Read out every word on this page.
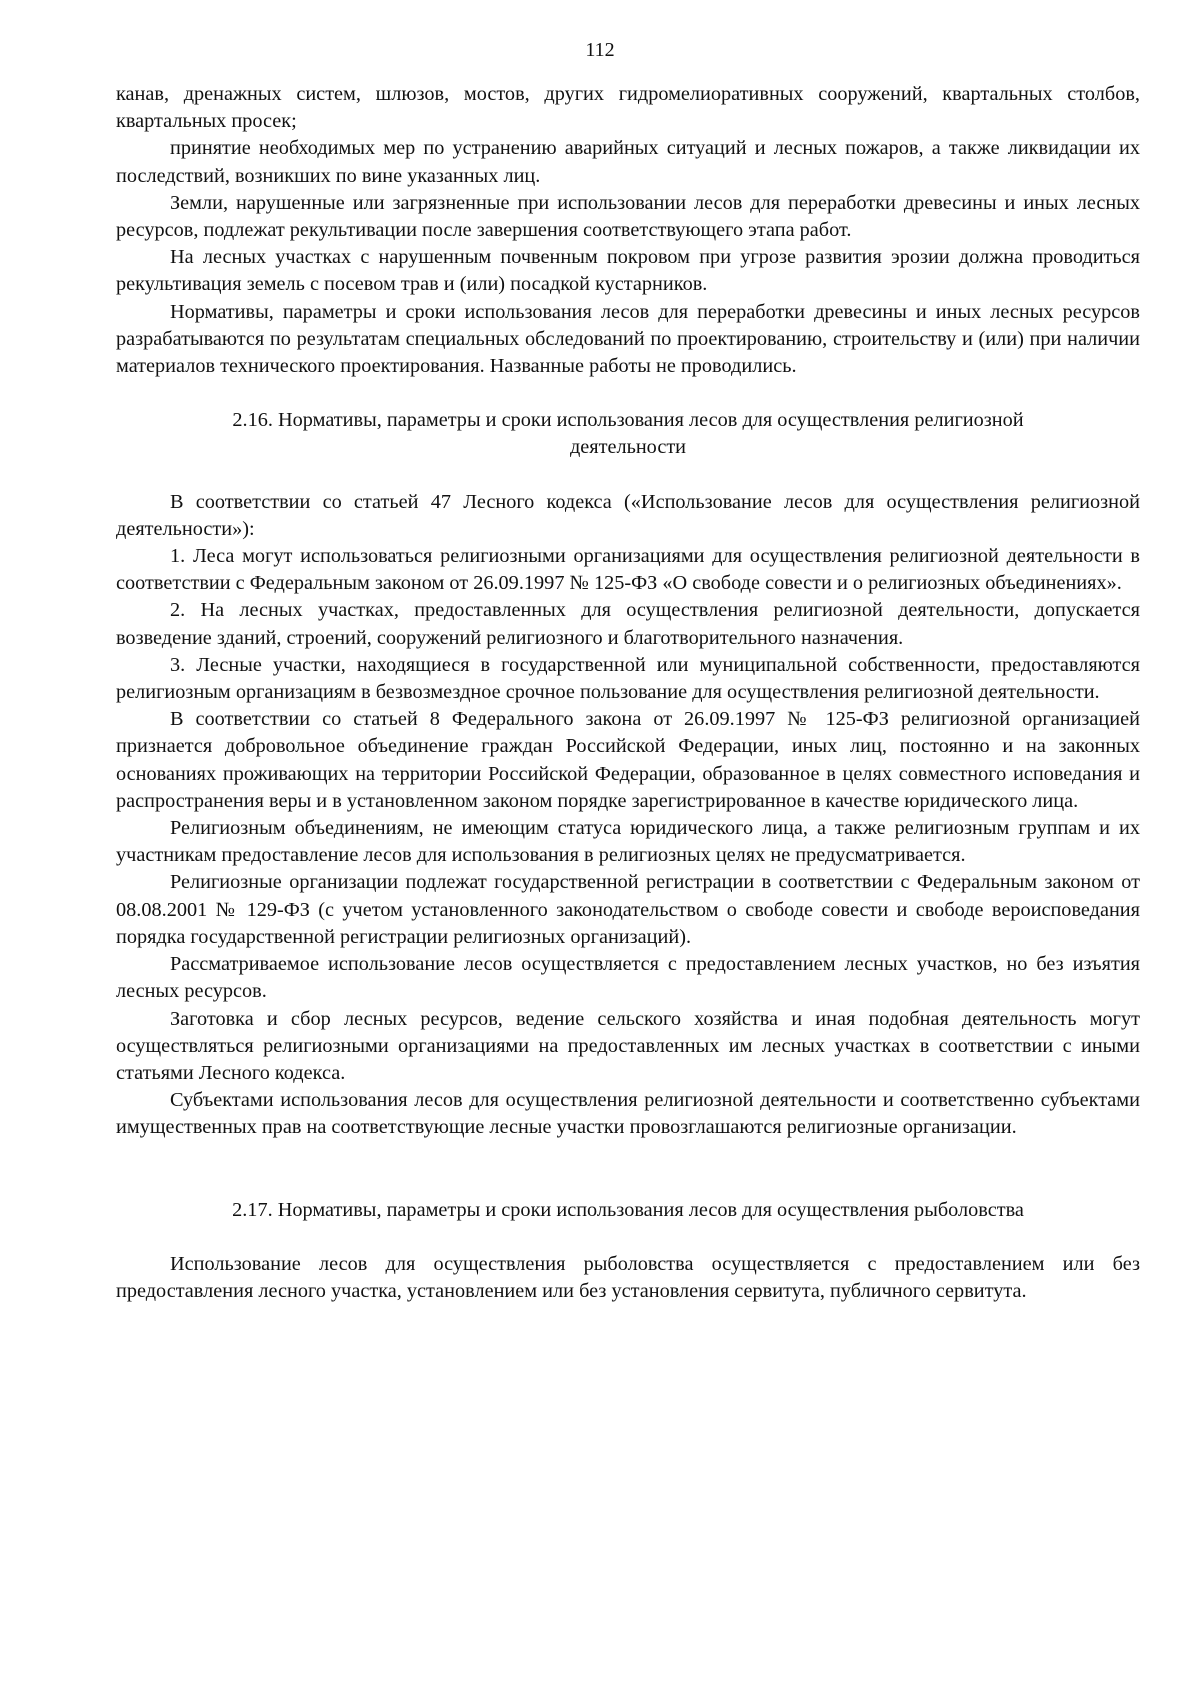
112

канав, дренажных систем, шлюзов, мостов, других гидромелиоративных сооружений, квартальных столбов, квартальных просек;

принятие необходимых мер по устранению аварийных ситуаций и лесных пожаров, а также ликвидации их последствий, возникших по вине указанных лиц.

Земли, нарушенные или загрязненные при использовании лесов для переработки древесины и иных лесных ресурсов, подлежат рекультивации после завершения соответствующего этапа работ.

На лесных участках с нарушенным почвенным покровом при угрозе развития эрозии должна проводиться рекультивация земель с посевом трав и (или) посадкой кустарников.

Нормативы, параметры и сроки использования лесов для переработки древесины и иных лесных ресурсов разрабатываются по результатам специальных обследований по проектированию, строительству и (или) при наличии материалов технического проектирования. Названные работы не проводились.

2.16. Нормативы, параметры и сроки использования лесов для осуществления религиозной
деятельности

В соответствии со статьей 47 Лесного кодекса («Использование лесов для осуществления религиозной деятельности»):

1. Леса могут использоваться религиозными организациями для осуществления религиозной деятельности в соответствии с Федеральным законом от 26.09.1997 № 125-ФЗ «О свободе совести и о религиозных объединениях».

2. На лесных участках, предоставленных для осуществления религиозной деятельности, допускается возведение зданий, строений, сооружений религиозного и благотворительного назначения.

3. Лесные участки, находящиеся в государственной или муниципальной собственности, предоставляются религиозным организациям в безвозмездное срочное пользование для осуществления религиозной деятельности.

В соответствии со статьей 8 Федерального закона от 26.09.1997 № 125-ФЗ религиозной организацией признается добровольное объединение граждан Российской Федерации, иных лиц, постоянно и на законных основаниях проживающих на территории Российской Федерации, образованное в целях совместного исповедания и распространения веры и в установленном законом порядке зарегистрированное в качестве юридического лица.

Религиозным объединениям, не имеющим статуса юридического лица, а также религиозным группам и их участникам предоставление лесов для использования в религиозных целях не предусматривается.

Религиозные организации подлежат государственной регистрации в соответствии с Федеральным законом от 08.08.2001 № 129-ФЗ (с учетом установленного законодательством о свободе совести и свободе вероисповедания порядка государственной регистрации религиозных организаций).

Рассматриваемое использование лесов осуществляется с предоставлением лесных участков, но без изъятия лесных ресурсов.

Заготовка и сбор лесных ресурсов, ведение сельского хозяйства и иная подобная деятельность могут осуществляться религиозными организациями на предоставленных им лесных участках в соответствии с иными статьями Лесного кодекса.

Субъектами использования лесов для осуществления религиозной деятельности и соответственно субъектами имущественных прав на соответствующие лесные участки провозглашаются религиозные организации.

2.17. Нормативы, параметры и сроки использования лесов для осуществления рыболовства

Использование лесов для осуществления рыболовства осуществляется с предоставлением или без предоставления лесного участка, установлением или без установления сервитута, публичного сервитута.
